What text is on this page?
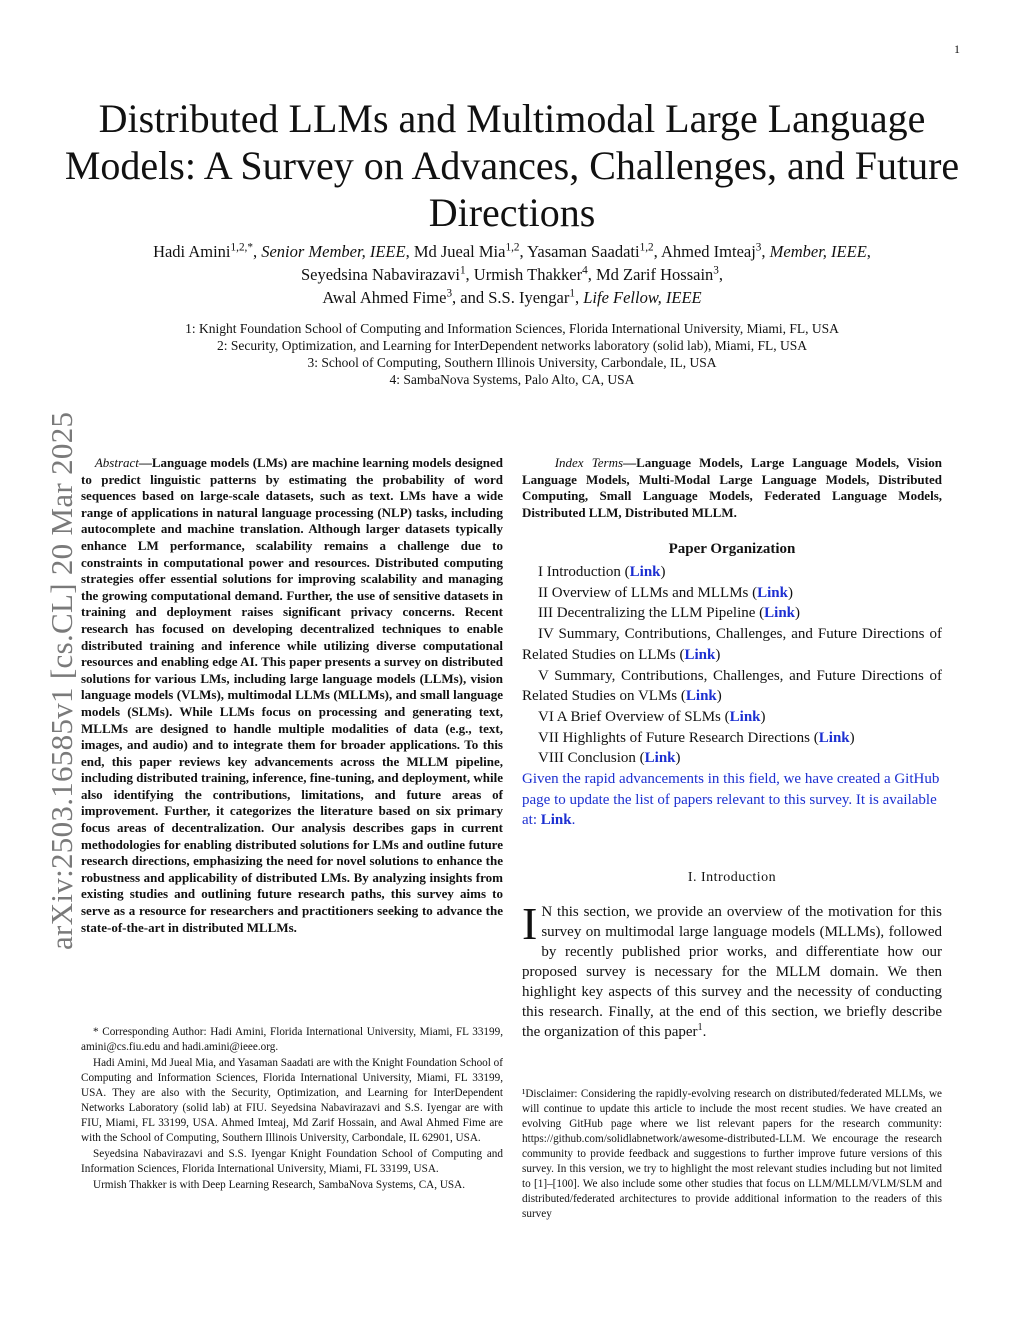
1
arXiv:2503.16585v1 [cs.CL] 20 Mar 2025
Distributed LLMs and Multimodal Large Language Models: A Survey on Advances, Challenges, and Future Directions
Hadi Amini$^{1,2,*}$, Senior Member, IEEE, Md Jueal Mia$^{1,2}$, Yasaman Saadati$^{1,2}$, Ahmed Imteaj$^3$, Member, IEEE,
Seyedsina Nabavirazavi$^1$, Urmish Thakker$^4$, Md Zarif Hossain$^3$,
Awal Ahmed Fime$^3$, and S.S. Iyengar$^1$, Life Fellow, IEEE
1: Knight Foundation School of Computing and Information Sciences, Florida International University, Miami, FL, USA
2: Security, Optimization, and Learning for InterDependent networks laboratory (solid lab), Miami, FL, USA
3: School of Computing, Southern Illinois University, Carbondale, IL, USA
4: SambaNova Systems, Palo Alto, CA, USA
Abstract—Language models (LMs) are machine learning models designed to predict linguistic patterns by estimating the probability of word sequences based on large-scale datasets, such as text. LMs have a wide range of applications in natural language processing (NLP) tasks, including autocomplete and machine translation. Although larger datasets typically enhance LM performance, scalability remains a challenge due to constraints in computational power and resources. Distributed computing strategies offer essential solutions for improving scalability and managing the growing computational demand. Further, the use of sensitive datasets in training and deployment raises significant privacy concerns. Recent research has focused on developing decentralized techniques to enable distributed training and inference while utilizing diverse computational resources and enabling edge AI. This paper presents a survey on distributed solutions for various LMs, including large language models (LLMs), vision language models (VLMs), multimodal LLMs (MLLMs), and small language models (SLMs). While LLMs focus on processing and generating text, MLLMs are designed to handle multiple modalities of data (e.g., text, images, and audio) and to integrate them for broader applications. To this end, this paper reviews key advancements across the MLLM pipeline, including distributed training, inference, fine-tuning, and deployment, while also identifying the contributions, limitations, and future areas of improvement. Further, it categorizes the literature based on six primary focus areas of decentralization. Our analysis describes gaps in current methodologies for enabling distributed solutions for LMs and outline future research directions, emphasizing the need for novel solutions to enhance the robustness and applicability of distributed LMs. By analyzing insights from existing studies and outlining future research paths, this survey aims to serve as a resource for researchers and practitioners seeking to advance the state-of-the-art in distributed MLLMs.

* Corresponding Author: Hadi Amini, Florida International University, Miami, FL 33199, amini@cs.fiu.edu and hadi.amini@ieee.org.

Hadi Amini, Md Jueal Mia, and Yasaman Saadati are with the Knight Foundation School of Computing and Information Sciences, Florida International University, Miami, FL 33199, USA. They are also with the Security, Optimization, and Learning for InterDependent Networks Laboratory (solid lab) at FIU. Seyedsina Nabavirazavi and S.S. Iyengar are with FIU, Miami, FL 33199, USA. Ahmed Imteaj, Md Zarif Hossain, and Awal Ahmed Fime are with the School of Computing, Southern Illinois University, Carbondale, IL 62901, USA.

Seyedsina Nabavirazavi and S.S. Iyengar Knight Foundation School of Computing and Information Sciences, Florida International University, Miami, FL 33199, USA.

Urmish Thakker is with Deep Learning Research, SambaNova Systems, CA, USA.

Index Terms—Language Models, Large Language Models, Vision Language Models, Multi-Modal Large Language Models, Distributed Computing, Small Language Models, Federated Language Models, Distributed LLM, Distributed MLLM.
Paper Organization
I Introduction (Link)
II Overview of LLMs and MLLMs (Link)
III Decentralizing the LLM Pipeline (Link)
IV Summary, Contributions, Challenges, and Future Directions of Related Studies on LLMs (Link)
V Summary, Contributions, Challenges, and Future Directions of Related Studies on VLMs (Link)
VI A Brief Overview of SLMs (Link)
VII Highlights of Future Research Directions (Link)
VIII Conclusion (Link)
Given the rapid advancements in this field, we have created a GitHub page to update the list of papers relevant to this survey. It is available at: Link.
I. Introduction
I N this section, we provide an overview of the motivation for this survey on multimodal large language models (MLLMs), followed by recently published prior works, and differentiate how our proposed survey is necessary for the MLLM domain. We then highlight key aspects of this survey and the necessity of conducting this research. Finally, at the end of this section, we briefly describe the organization of this paper$^1$.

¹Disclaimer: Considering the rapidly-evolving research on distributed/federated MLLMs, we will continue to update this article to include the most recent studies. We have created an evolving GitHub page where we list relevant papers for the research community: https://github.com/solidlabnetwork/awesome-distributed-LLM. We encourage the research community to provide feedback and suggestions to further improve future versions of this survey. In this version, we try to highlight the most relevant studies including but not limited to [1]–[100]. We also include some other studies that focus on LLM/MLLM/VLM/SLM and distributed/federated architectures to provide additional information to the readers of this survey
